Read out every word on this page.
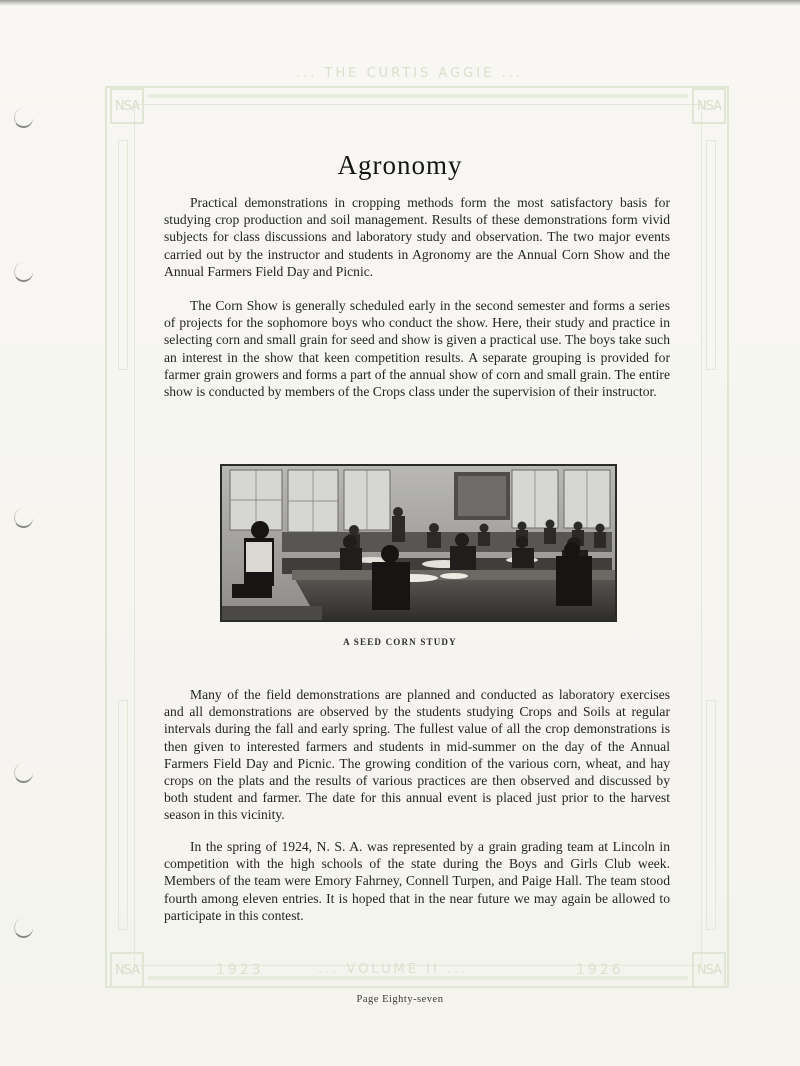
NSA	NSA
NSA	NSA
... THE CURTIS AGGIE ...
1923	... VOLUME II ...	1926
Agronomy

Practical demonstrations in cropping methods form the most satisfactory basis for studying crop production and soil management. Results of these demonstrations form vivid subjects for class discussions and laboratory study and observation. The two major events carried out by the instructor and students in Agronomy are the Annual Corn Show and the Annual Farmers Field Day and Picnic.

The Corn Show is generally scheduled early in the second semester and forms a series of projects for the sophomore boys who conduct the show. Here, their study and practice in selecting corn and small grain for seed and show is given a practical use. The boys take such an interest in the show that keen competition results. A separate grouping is provided for farmer grain growers and forms a part of the annual show of corn and small grain. The entire show is conducted by members of the Crops class under the supervision of their instructor.

A SEED CORN STUDY

Many of the field demonstrations are planned and conducted as laboratory exercises and all demonstrations are observed by the students studying Crops and Soils at regular intervals during the fall and early spring. The fullest value of all the crop demonstrations is then given to interested farmers and students in mid-summer on the day of the Annual Farmers Field Day and Picnic. The growing condition of the various corn, wheat, and hay crops on the plats and the results of various practices are then observed and discussed by both student and farmer. The date for this annual event is placed just prior to the harvest season in this vicinity.

In the spring of 1924, N. S. A. was represented by a grain grading team at Lincoln in competition with the high schools of the state during the Boys and Girls Club week. Members of the team were Emory Fahrney, Connell Turpen, and Paige Hall. The team stood fourth among eleven entries. It is hoped that in the near future we may again be allowed to participate in this contest.

Page Eighty-seven
